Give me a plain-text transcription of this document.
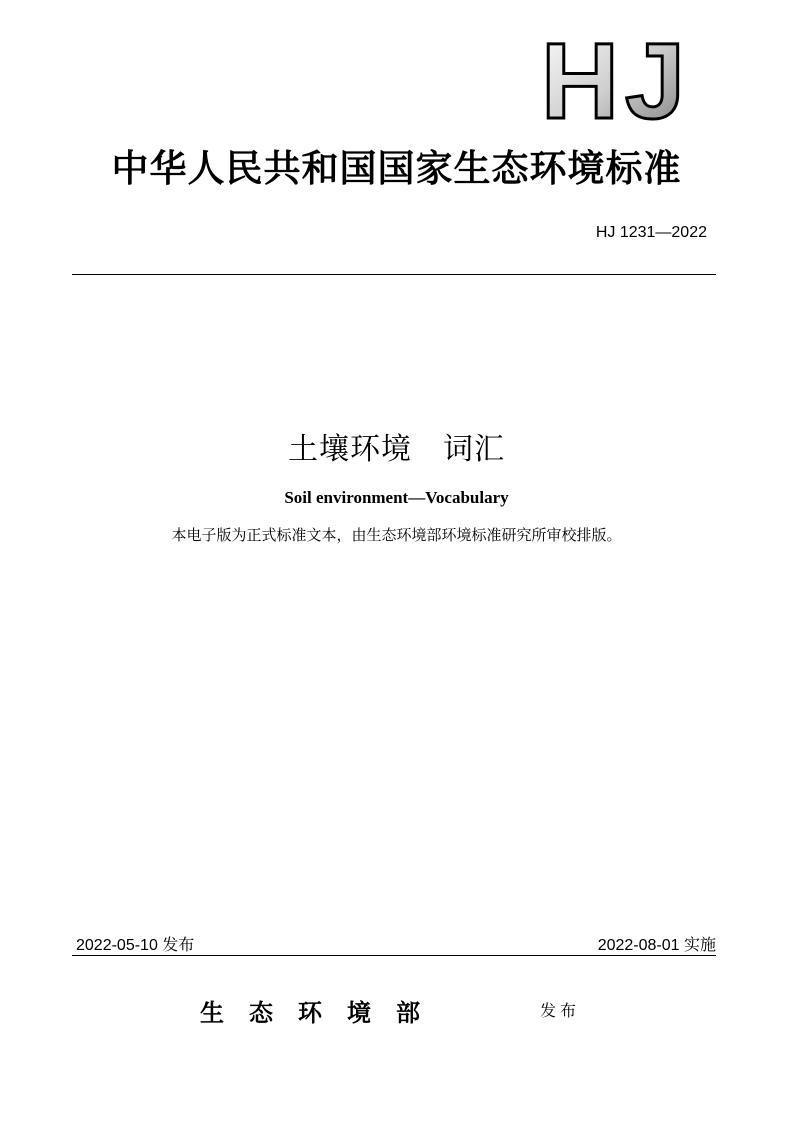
HJ
中华人民共和国国家生态环境标准
HJ 1231—2022
土壤环境　词汇
Soil environment—Vocabulary
本电子版为正式标准文本，由生态环境部环境标准研究所审校排版。
2022-05-10 发布	2022-08-01 实施
生态环境部	发布
